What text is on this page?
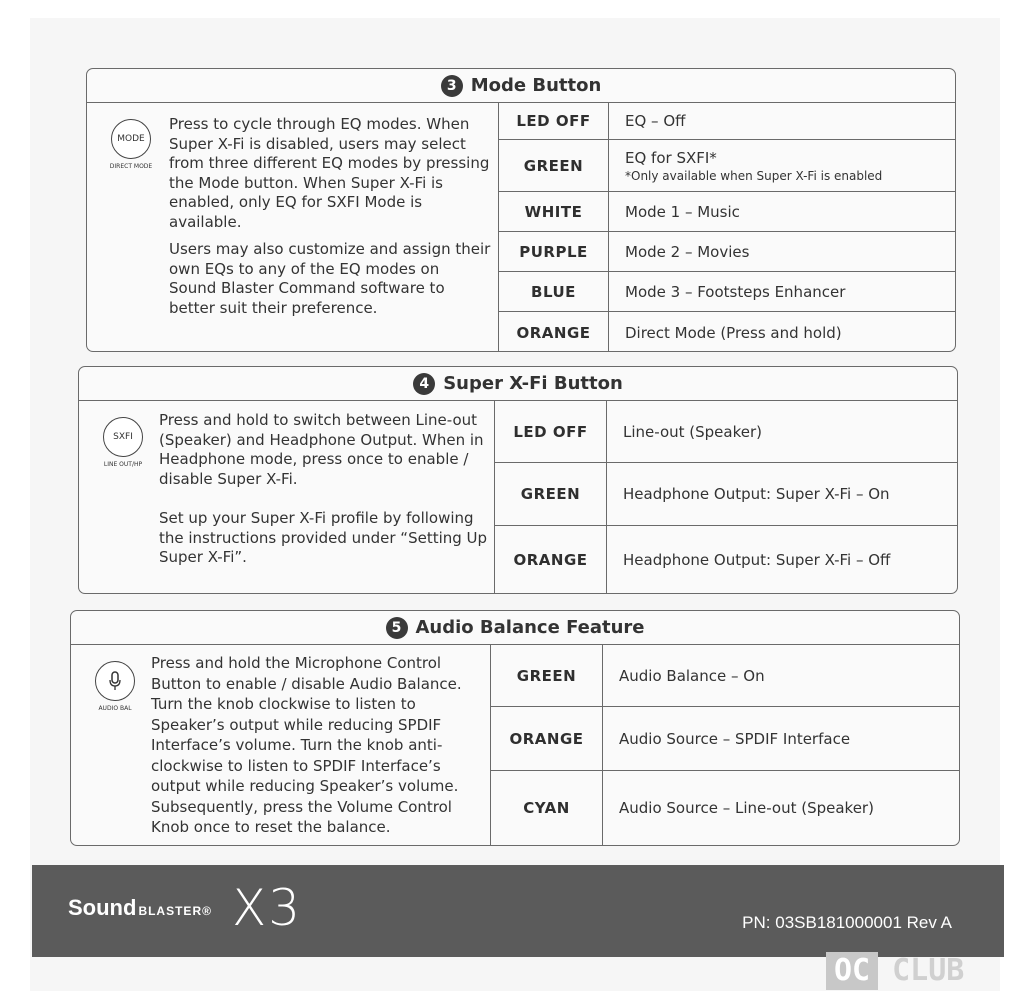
3 Mode Button
MODE
DIRECT MODE

Press to cycle through EQ modes. When Super X-Fi is disabled, users may select from three different EQ modes by pressing the Mode button. When Super X-Fi is enabled, only EQ for SXFI Mode is available.

Users may also customize and assign their own EQs to any of the EQ modes on Sound Blaster Command software to better suit their preference.

LED OFF	EQ – Off
GREEN	EQ for SXFI*
*Only available when Super X-Fi is enabled
WHITE	Mode 1 – Music
PURPLE	Mode 2 – Movies
BLUE	Mode 3 – Footsteps Enhancer
ORANGE	Direct Mode (Press and hold)
4 Super X-Fi Button
SXFI
LINE OUT/HP

Press and hold to switch between Line-out (Speaker) and Headphone Output. When in Headphone mode, press once to enable / disable Super X-Fi.

Set up your Super X-Fi profile by following the instructions provided under “Setting Up Super X-Fi”.

LED OFF	Line-out (Speaker)
GREEN	Headphone Output: Super X-Fi – On
ORANGE	Headphone Output: Super X-Fi – Off
5 Audio Balance Feature
AUDIO BAL

Press and hold the Microphone Control Button to enable / disable Audio Balance. Turn the knob clockwise to listen to Speaker’s output while reducing SPDIF Interface’s volume. Turn the knob anti-clockwise to listen to SPDIF Interface’s output while reducing Speaker’s volume. Subsequently, press the Volume Control Knob once to reset the balance.

GREEN	Audio Balance – On
ORANGE	Audio Source – SPDIF Interface
CYAN	Audio Source – Line-out (Speaker)
Sound BLASTER® X3	PN: 03SB181000001 Rev A
OC CLUB
